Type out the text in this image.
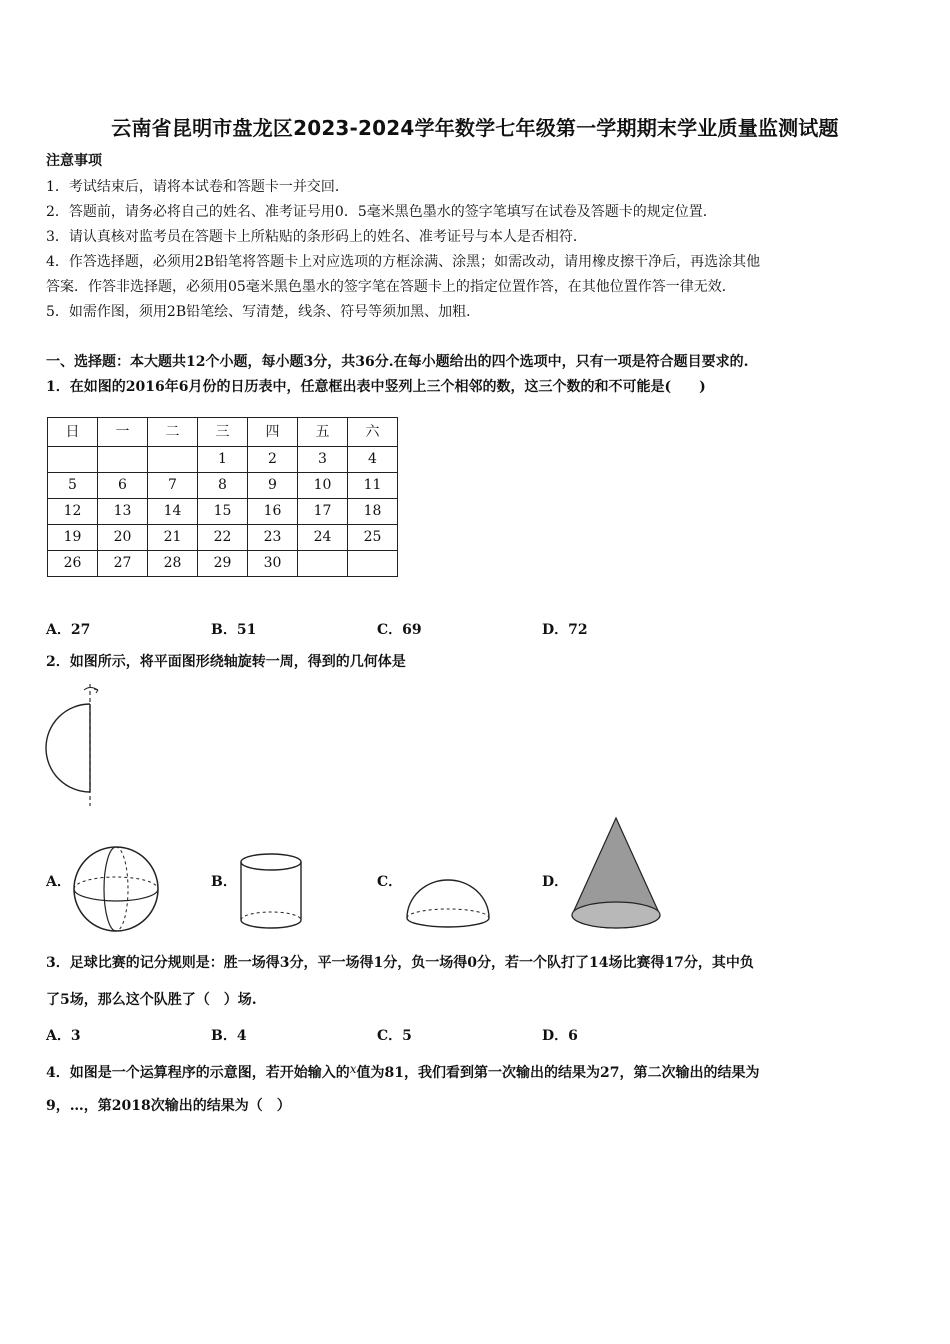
云南省昆明市盘龙区2023-2024学年数学七年级第一学期期末学业质量监测试题
注意事项
1．考试结束后，请将本试卷和答题卡一并交回．
2．答题前，请务必将自己的姓名、准考证号用0．5毫米黑色墨水的签字笔填写在试卷及答题卡的规定位置．
3．请认真核对监考员在答题卡上所粘贴的条形码上的姓名、准考证号与本人是否相符．
4．作答选择题，必须用2B铅笔将答题卡上对应选项的方框涂满、涂黑；如需改动，请用橡皮擦干净后，再选涂其他
答案．作答非选择题，必须用05毫米黑色墨水的签字笔在答题卡上的指定位置作答，在其他位置作答一律无效．
5．如需作图，须用2B铅笔绘、写清楚，线条、符号等须加黑、加粗．
一、选择题：本大题共12个小题，每小题3分，共36分.在每小题给出的四个选项中，只有一项是符合题目要求的.
1．在如图的2016年6月份的日历表中，任意框出表中竖列上三个相邻的数，这三个数的和不可能是(　　)
日	一	二	三	四	五	六
			1	2	3	4
5	6	7	8	9	10	11
12	13	14	15	16	17	18
19	20	21	22	23	24	25
26	27	28	29	30		
A．27	B．51	C．69	D．72
2．如图所示，将平面图形绕轴旋转一周，得到的几何体是
A．	B．	C．	D．
3．足球比赛的记分规则是：胜一场得3分，平一场得1分，负一场得0分，若一个队打了14场比赛得17分，其中负
了5场，那么这个队胜了（　）场.
A．3	B．4	C．5	D．6
4．如图是一个运算程序的示意图，若开始输入的x值为81，我们看到第一次输出的结果为27，第二次输出的结果为
9，…，第2018次输出的结果为（　）
